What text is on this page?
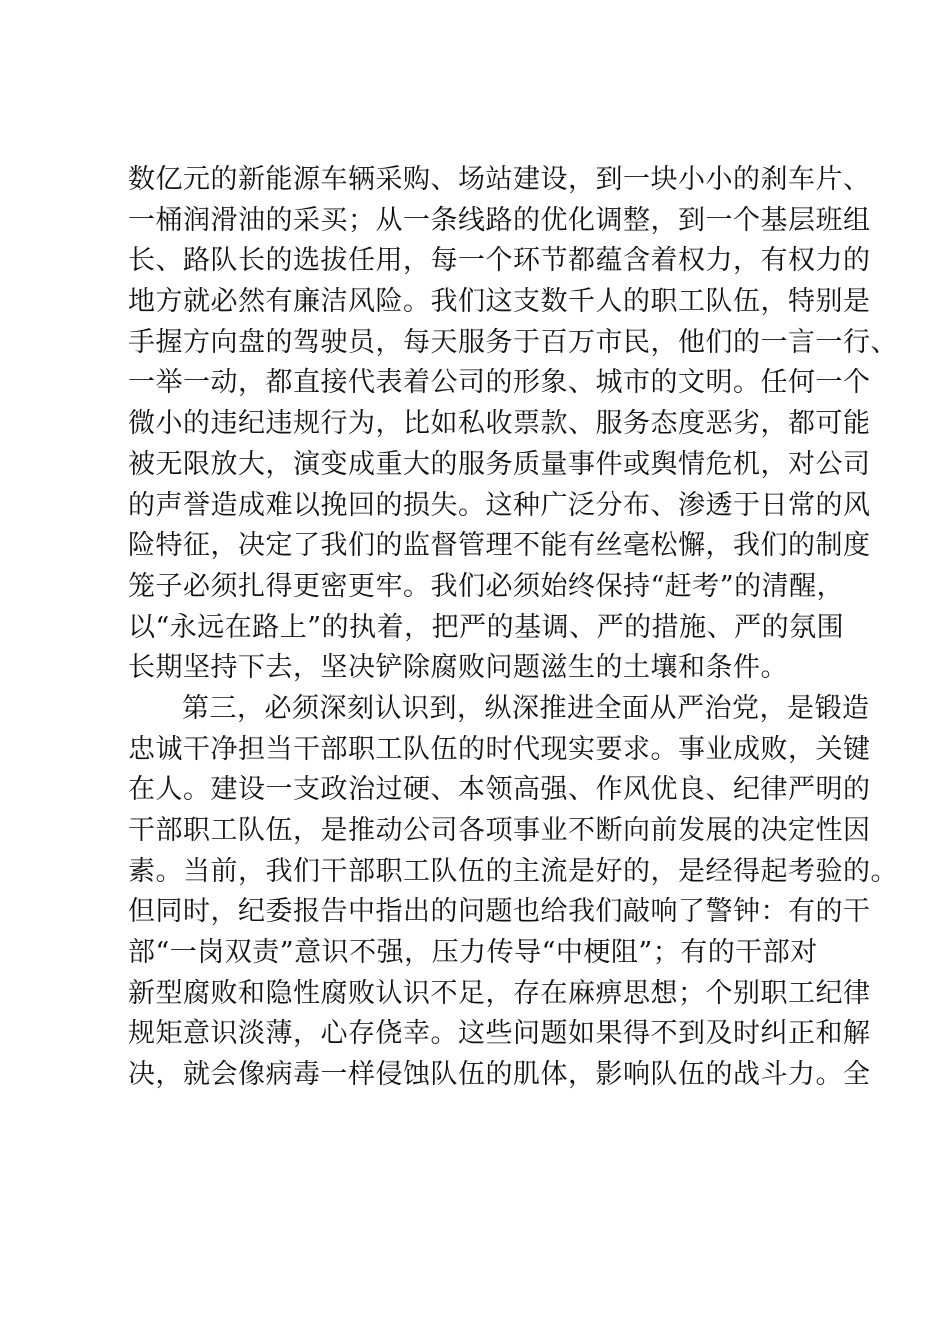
数亿元的新能源车辆采购、场站建设，到一块小小的刹车片、
一桶润滑油的采买；从一条线路的优化调整，到一个基层班组
长、路队长的选拔任用，每一个环节都蕴含着权力，有权力的
地方就必然有廉洁风险。我们这支数千人的职工队伍，特别是
手握方向盘的驾驶员，每天服务于百万市民，他们的一言一行、
一举一动，都直接代表着公司的形象、城市的文明。任何一个
微小的违纪违规行为，比如私收票款、服务态度恶劣，都可能
被无限放大，演变成重大的服务质量事件或舆情危机，对公司
的声誉造成难以挽回的损失。这种广泛分布、渗透于日常的风
险特征，决定了我们的监督管理不能有丝毫松懈，我们的制度
笼子必须扎得更密更牢。我们必须始终保持“赶考”的清醒，
以“永远在路上”的执着，把严的基调、严的措施、严的氛围
长期坚持下去，坚决铲除腐败问题滋生的土壤和条件。
第三，必须深刻认识到，纵深推进全面从严治党，是锻造
忠诚干净担当干部职工队伍的时代现实要求。事业成败，关键
在人。建设一支政治过硬、本领高强、作风优良、纪律严明的
干部职工队伍，是推动公司各项事业不断向前发展的决定性因
素。当前，我们干部职工队伍的主流是好的，是经得起考验的。
但同时，纪委报告中指出的问题也给我们敲响了警钟：有的干
部“一岗双责”意识不强，压力传导“中梗阻”；有的干部对
新型腐败和隐性腐败认识不足，存在麻痹思想；个别职工纪律
规矩意识淡薄，心存侥幸。这些问题如果得不到及时纠正和解
决，就会像病毒一样侵蚀队伍的肌体，影响队伍的战斗力。全
